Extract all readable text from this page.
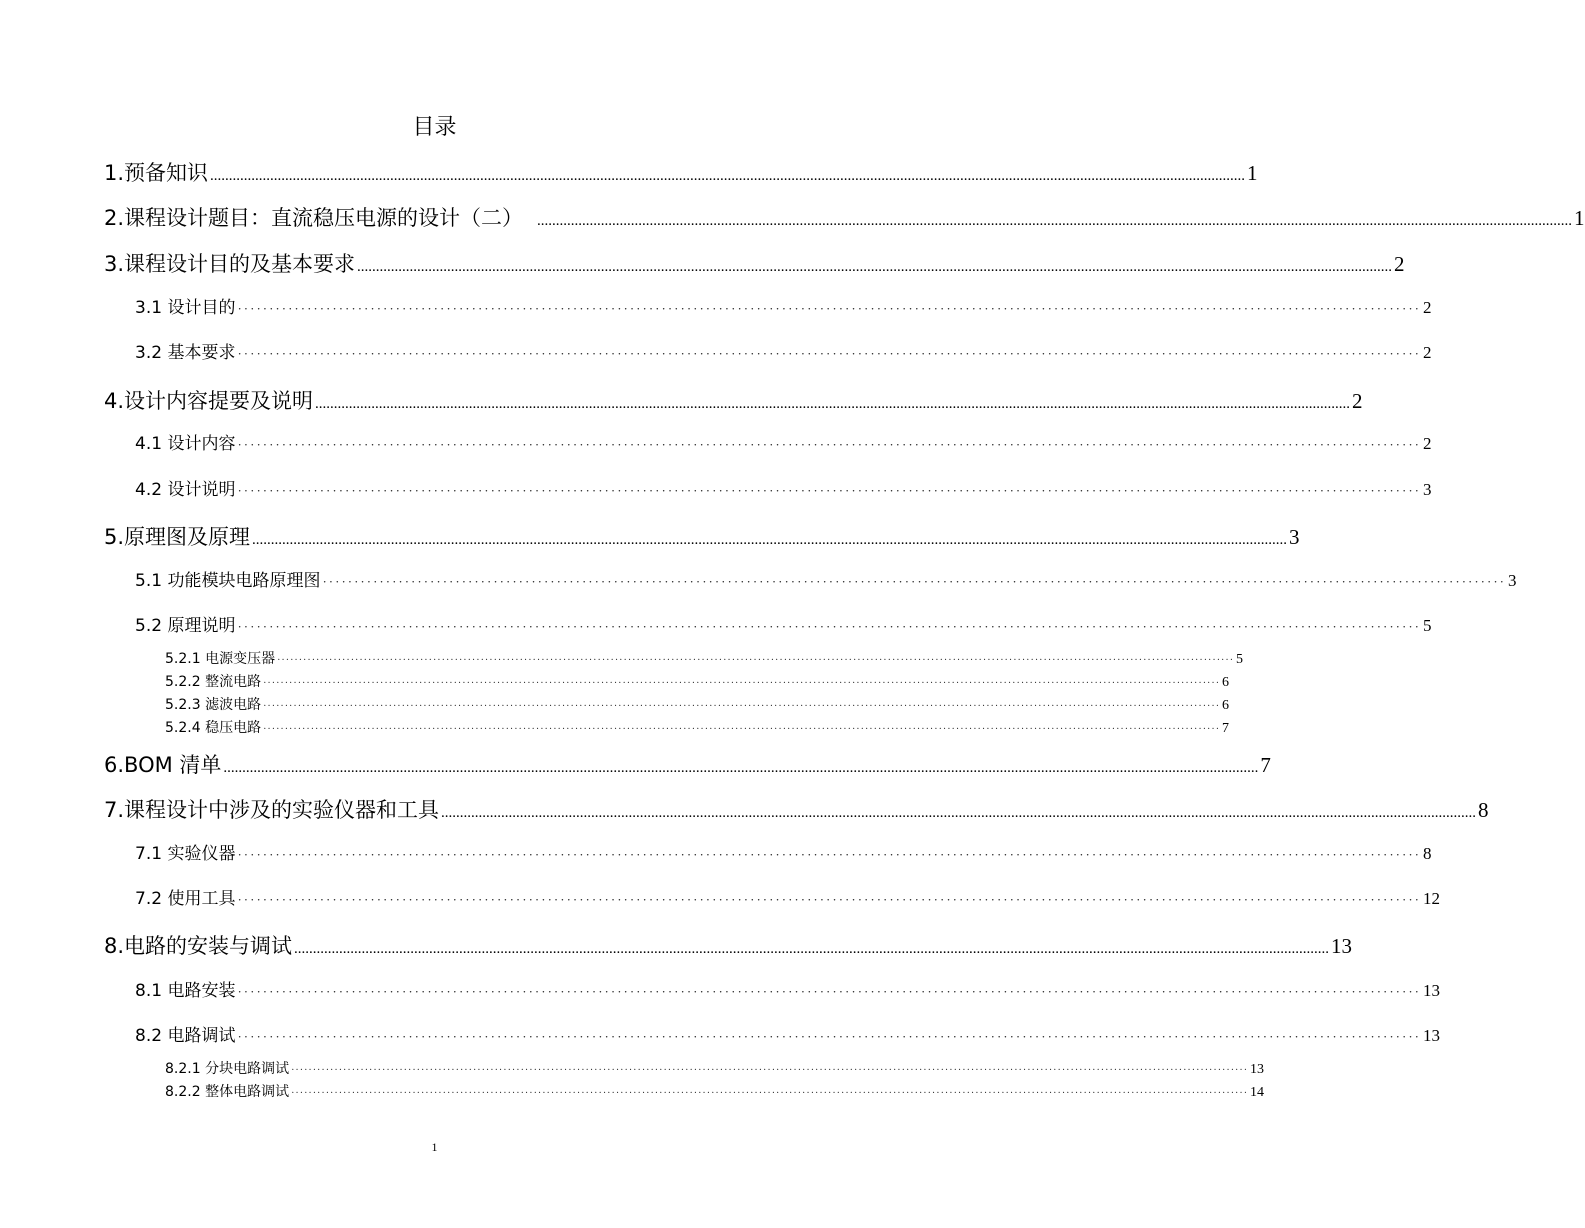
目录
1.预备知识 .................................................................................................................................................................................................................................................................................... 1
2.课程设计题目：直流稳压电源的设计（二） .................................................................................................................................................................................................................................................................................... 1
3.课程设计目的及基本要求 .................................................................................................................................................................................................................................................................................... 2
3.1 设计目的 ··························································································································································································· 2
3.2 基本要求 ··························································································································································································· 2
4.设计内容提要及说明 .................................................................................................................................................................................................................................................................................... 2
4.1 设计内容 ··························································································································································································· 2
4.2 设计说明 ··························································································································································································· 3
5.原理图及原理 .................................................................................................................................................................................................................................................................................... 3
5.1 功能模块电路原理图 ··························································································································································································· 3
5.2 原理说明 ··························································································································································································· 5
5.2.1 电源变压器 ····························································································································································································································· 5
5.2.2 整流电路 ····························································································································································································································· 6
5.2.3 滤波电路 ····························································································································································································································· 6
5.2.4 稳压电路 ····························································································································································································································· 7
6.BOM 清单 .................................................................................................................................................................................................................................................................................... 7
7.课程设计中涉及的实验仪器和工具 .................................................................................................................................................................................................................................................................................... 8
7.1 实验仪器 ··························································································································································································· 8
7.2 使用工具 ··························································································································································································· 12
8.电路的安装与调试 .................................................................................................................................................................................................................................................................................... 13
8.1 电路安装 ··························································································································································································· 13
8.2 电路调试 ··························································································································································································· 13
8.2.1 分块电路调试 ····························································································································································································································· 13
8.2.2 整体电路调试 ····························································································································································································································· 14
1
